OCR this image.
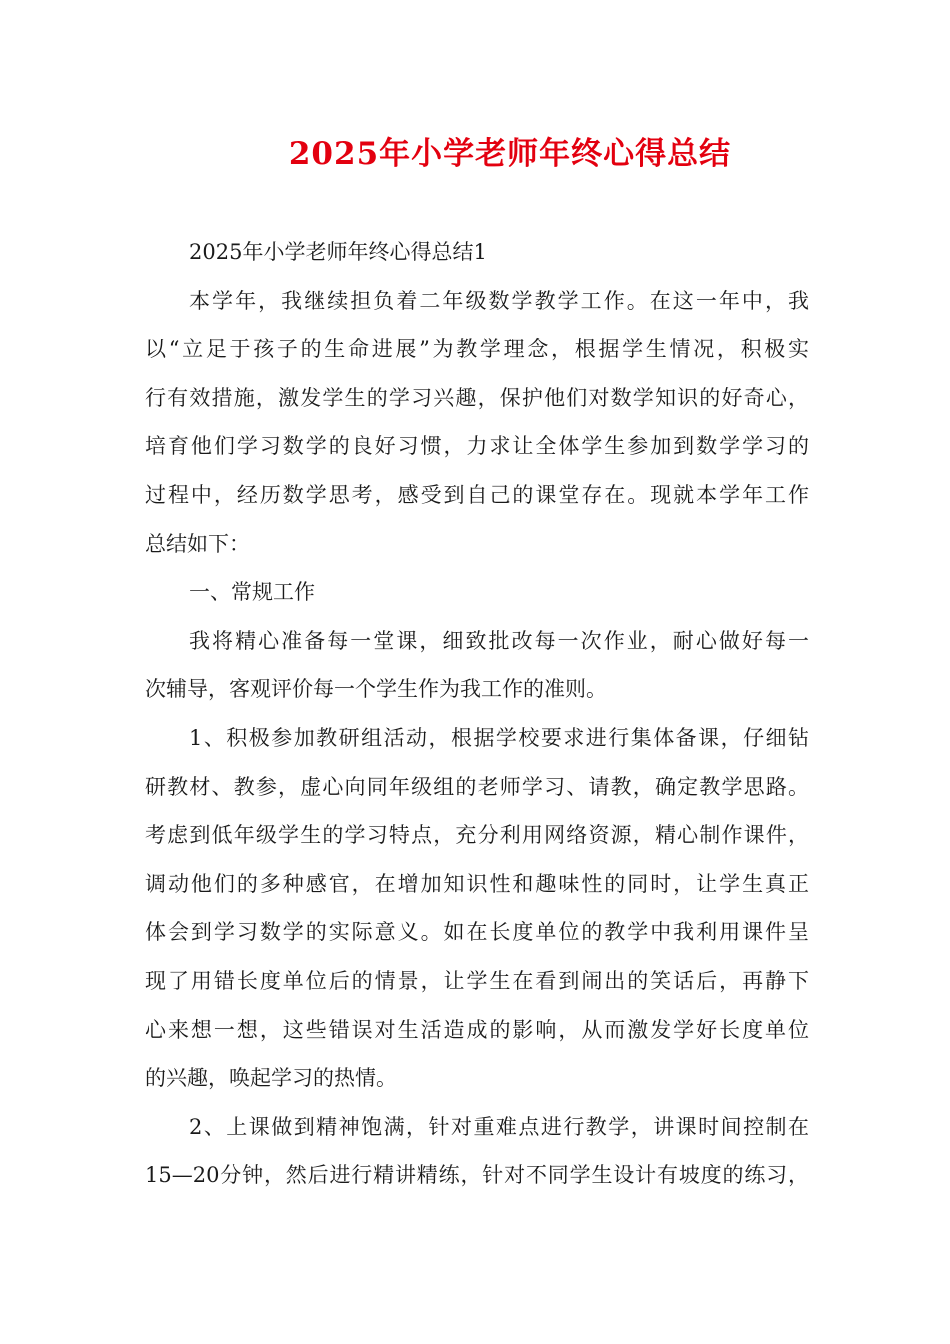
2025年小学老师年终心得总结
2025年小学老师年终心得总结1
本学年，我继续担负着二年级数学教学工作。在这一年中，我
以“立足于孩子的生命进展”为教学理念，根据学生情况，积极实
行有效措施，激发学生的学习兴趣，保护他们对数学知识的好奇心，
培育他们学习数学的良好习惯，力求让全体学生参加到数学学习的
过程中，经历数学思考，感受到自己的课堂存在。现就本学年工作
总结如下：
一、常规工作
我将精心准备每一堂课，细致批改每一次作业，耐心做好每一
次辅导，客观评价每一个学生作为我工作的准则。
1、积极参加教研组活动，根据学校要求进行集体备课，仔细钻
研教材、教参，虚心向同年级组的老师学习、请教，确定教学思路。
考虑到低年级学生的学习特点，充分利用网络资源，精心制作课件，
调动他们的多种感官，在增加知识性和趣味性的同时，让学生真正
体会到学习数学的实际意义。如在长度单位的教学中我利用课件呈
现了用错长度单位后的情景，让学生在看到闹出的笑话后，再静下
心来想一想，这些错误对生活造成的影响，从而激发学好长度单位
的兴趣，唤起学习的热情。
2、上课做到精神饱满，针对重难点进行教学，讲课时间控制在
15—20分钟，然后进行精讲精练，针对不同学生设计有坡度的练习，
